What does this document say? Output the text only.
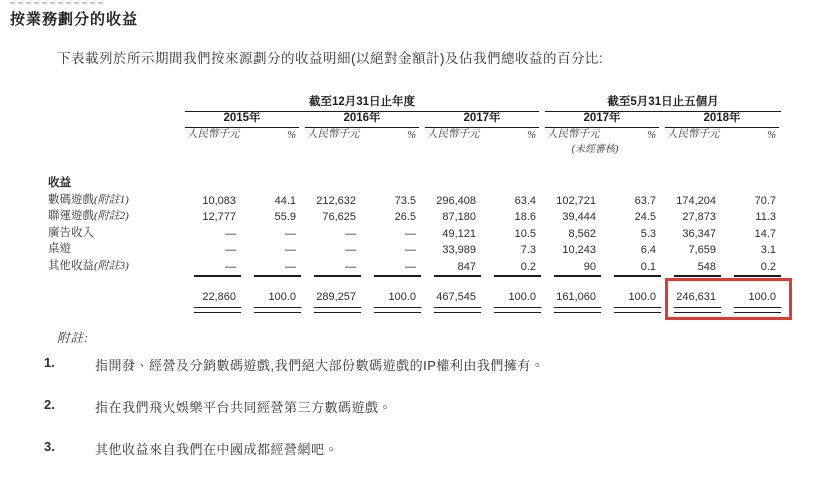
按業務劃分的收益

下表載列於所示期間我們按來源劃分的收益明細(以絕對金額計)及佔我們總收益的百分比:

截至12月31日止年度	截至5月31日止五個月
2015年	2016年	2017年	2017年	2018年
人民幣千元	% 人民幣千元	% 人民幣千元	% 人民幣千元	% 人民幣千元	%
(未經審核)
收益
數碼遊戲(附註1)	10,083	44.1	212,632	73.5	296,408	63.4	102,721	63.7	174,204	70.7
聯運遊戲(附註2)	12,777	55.9	76,625	26.5	87,180	18.6	39,444	24.5	27,873	11.3
廣告收入	—	—	—	—	49,121	10.5	8,562	5.3	36,347	14.7
桌遊	—	—	—	—	33,989	7.3	10,243	6.4	7,659	3.1
其他收益(附註3)	—	—	—	—	847	0.2	90	0.1	548	0.2
22,860	100.0	289,257	100.0	467,545	100.0	161,060	100.0	246,631	100.0
附註:
1.	指開發、經營及分銷數碼遊戲,我們絕大部份數碼遊戲的IP權利由我們擁有。
2.	指在我們飛火娛樂平台共同經營第三方數碼遊戲。
3.	其他收益來自我們在中國成都經營網吧。
